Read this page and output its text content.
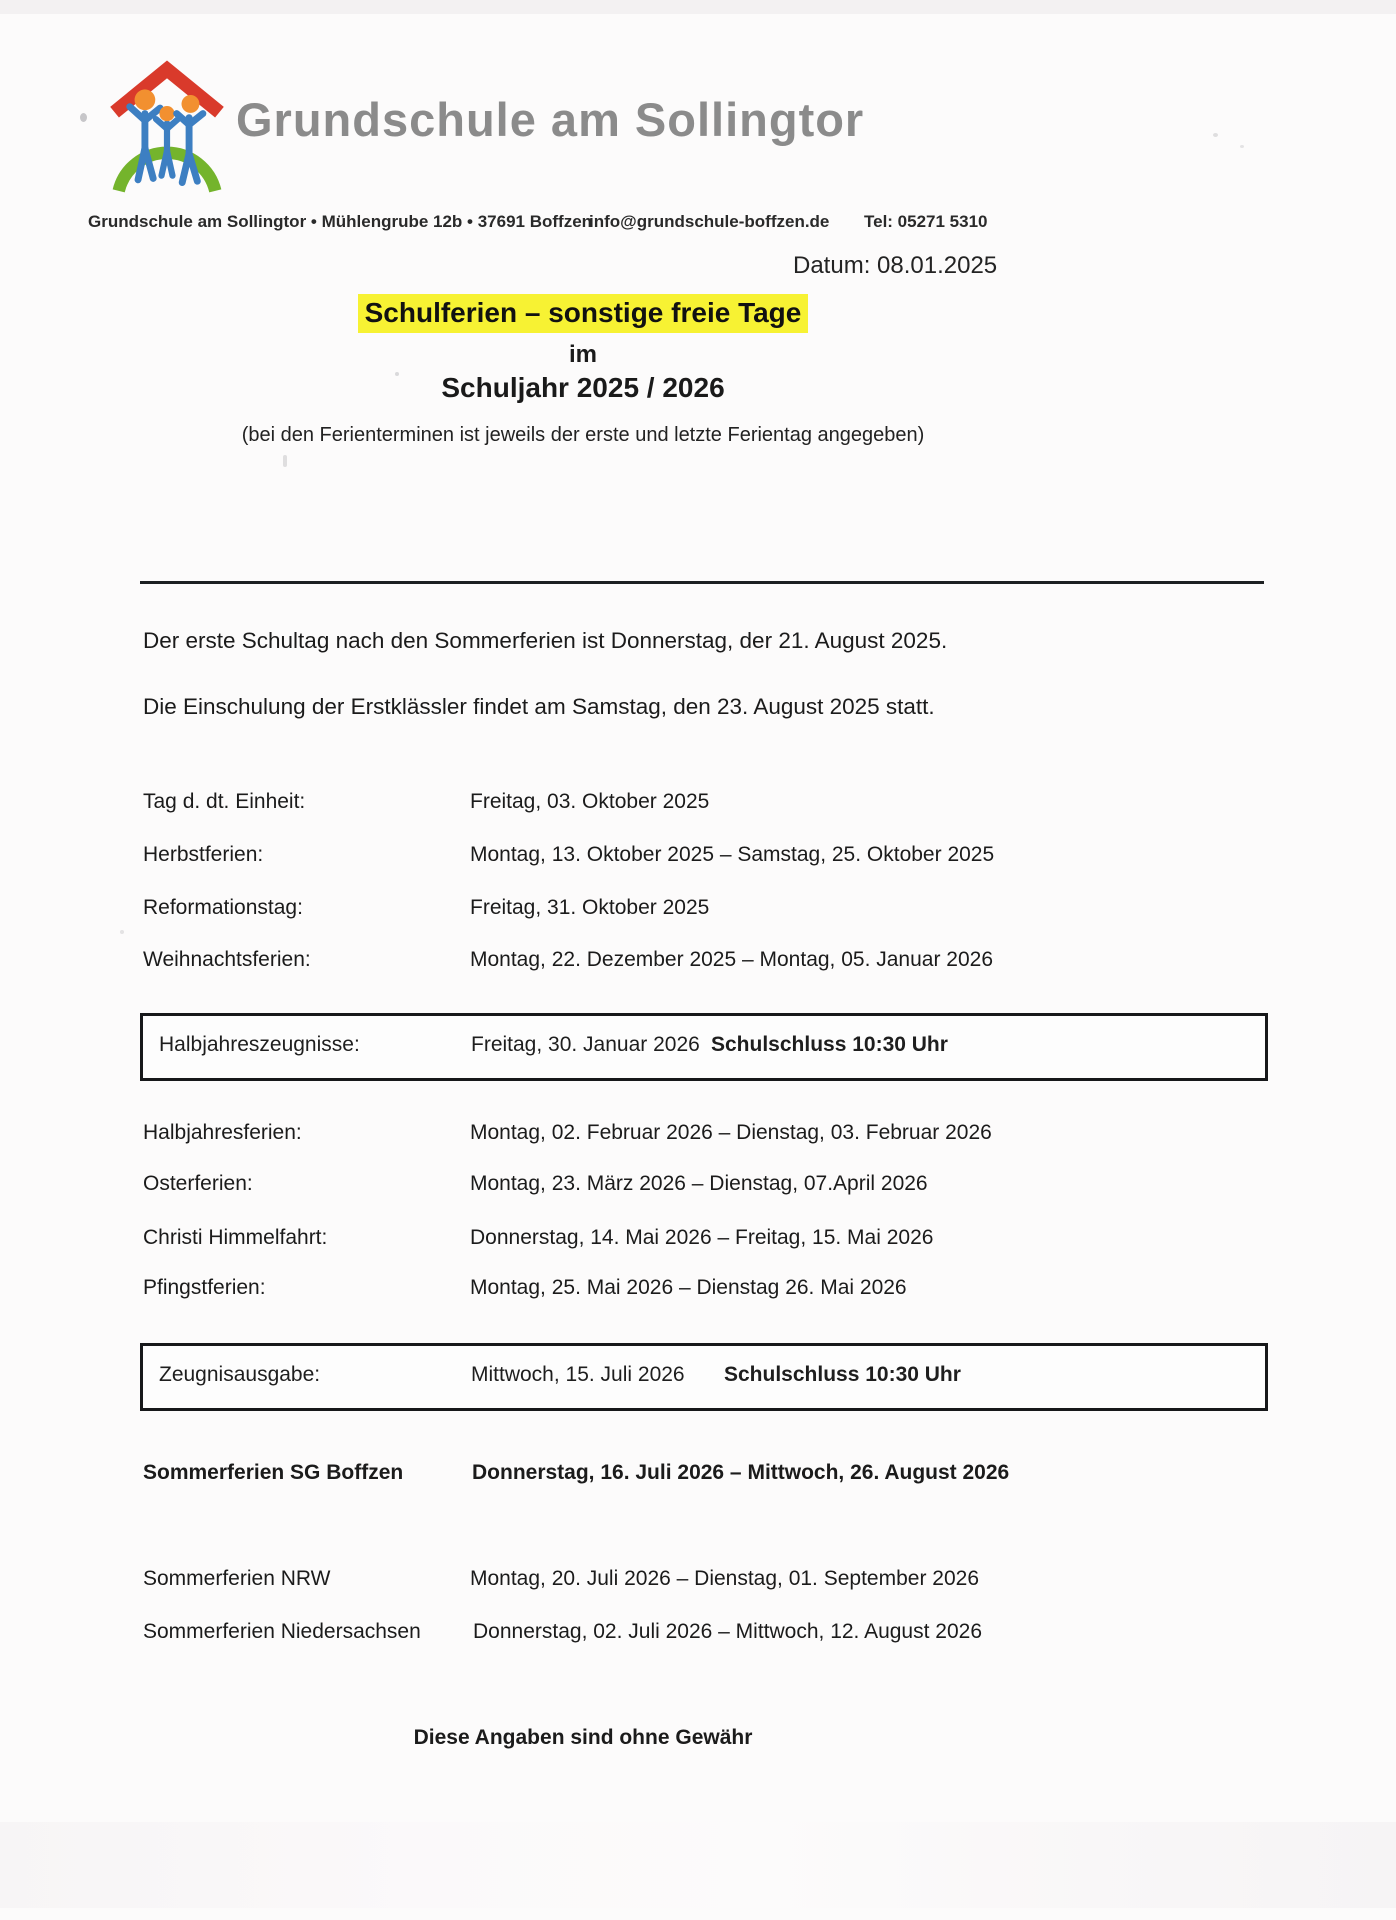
Grundschule am Sollingtor
Grundschule am Sollingtor • Mühlengrube 12b • 37691 Boffzen
info@grundschule-boffzen.de Tel: 05271 5310
Datum: 08.01.2025
Schulferien – sonstige freie Tage
im
Schuljahr 2025 / 2026
(bei den Ferienterminen ist jeweils der erste und letzte Ferientag angegeben)
Der erste Schultag nach den Sommerferien ist Donnerstag, der 21. August 2025.
Die Einschulung der Erstklässler findet am Samstag, den 23. August 2025 statt.
Tag d. dt. Einheit:	Freitag, 03. Oktober 2025
Herbstferien:	Montag, 13. Oktober 2025 – Samstag, 25. Oktober 2025
Reformationstag:	Freitag, 31. Oktober 2025
Weihnachtsferien:	Montag, 22. Dezember 2025 – Montag, 05. Januar 2026
Halbjahreszeugnisse:	Freitag, 30. Januar 2026 Schulschluss 10:30 Uhr
Halbjahresferien:	Montag, 02. Februar 2026 – Dienstag, 03. Februar 2026
Osterferien:	Montag, 23. März 2026 – Dienstag, 07.April 2026
Christi Himmelfahrt:	Donnerstag, 14. Mai 2026 – Freitag, 15. Mai 2026
Pfingstferien:	Montag, 25. Mai 2026 – Dienstag 26. Mai 2026
Zeugnisausgabe:	Mittwoch, 15. Juli 2026 Schulschluss 10:30 Uhr
Sommerferien SG Boffzen	Donnerstag, 16. Juli 2026 – Mittwoch, 26. August 2026
Sommerferien NRW	Montag, 20. Juli 2026 – Dienstag, 01. September 2026
Sommerferien Niedersachsen Donnerstag, 02. Juli 2026 – Mittwoch, 12. August 2026
Diese Angaben sind ohne Gewähr
